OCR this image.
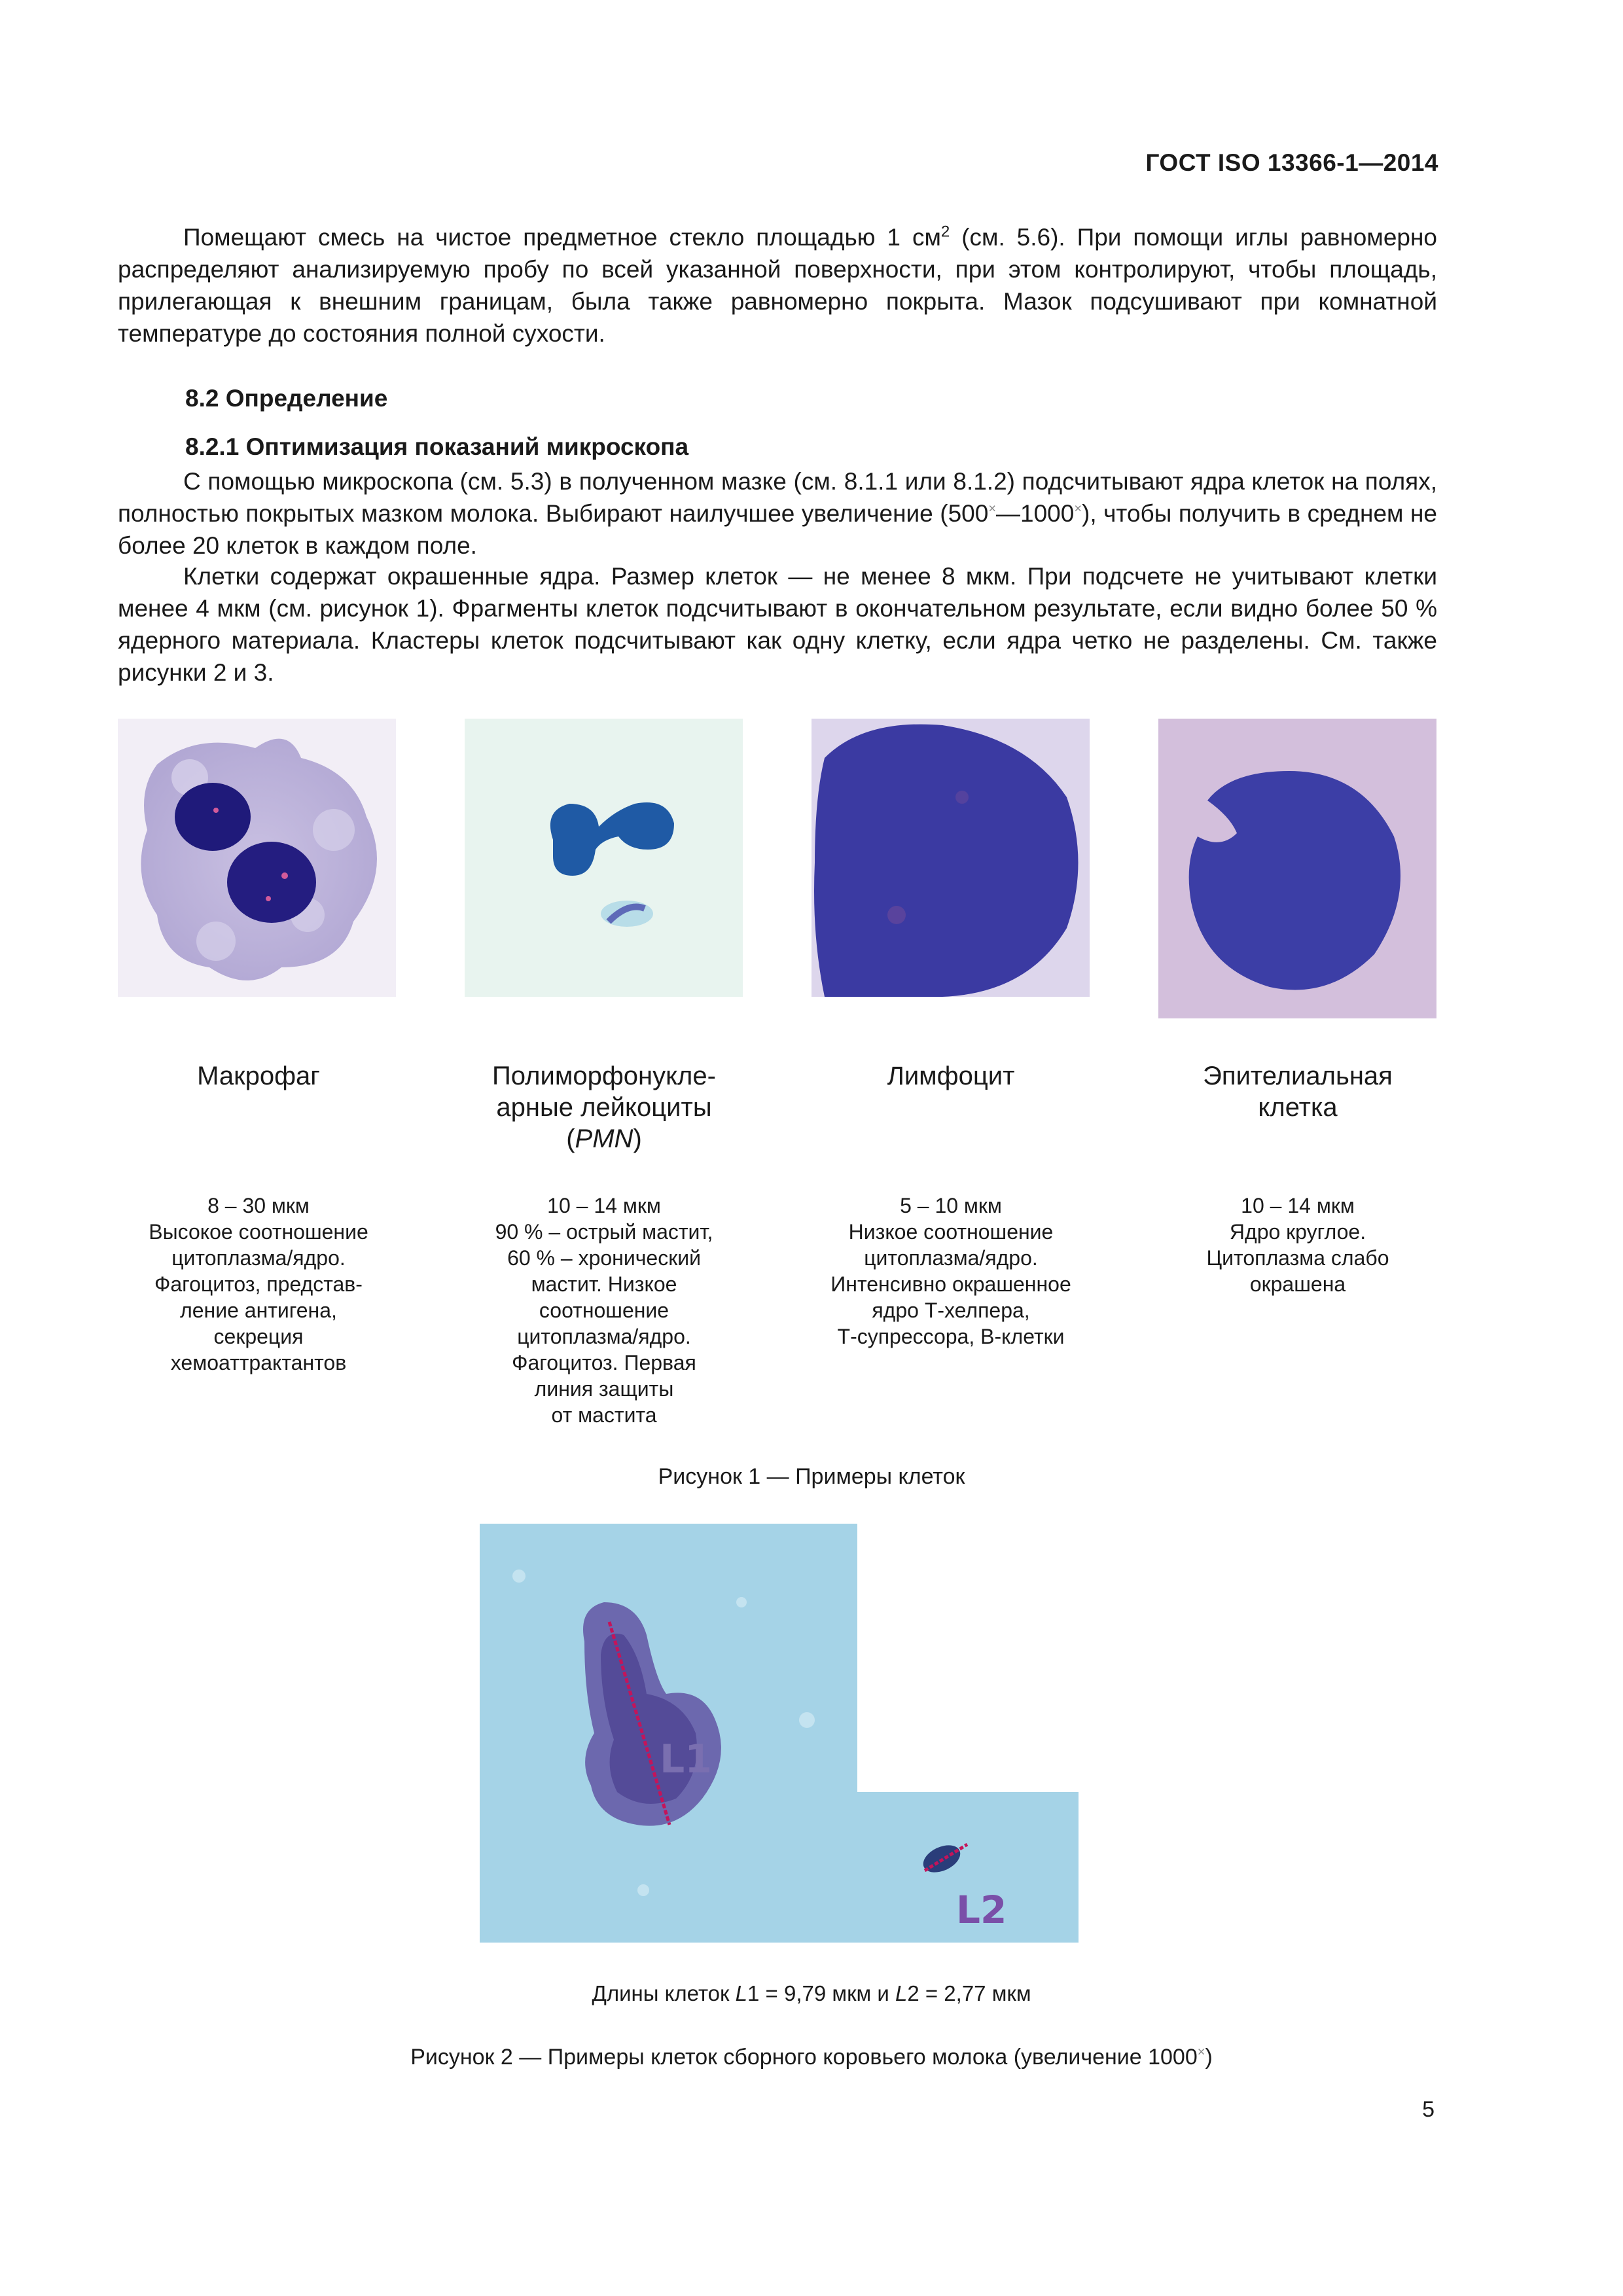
ГОСТ ISO 13366-1—2014

Помещают смесь на чистое предметное стекло площадью 1 $см^2$ (см. 5.6). При помощи иглы равномерно распределяют анализируемую пробу по всей указанной поверхности, при этом контролируют, чтобы площадь, прилегающая к внешним границам, была также равномерно покрыта. Мазок подсушивают при комнатной температуре до состояния полной сухости.

8.2 Определение
8.2.1 Оптимизация показаний микроскопа

С помощью микроскопа (см. 5.3) в полученном мазке (см. 8.1.1 или 8.1.2) подсчитывают ядра клеток на полях, полностью покрытых мазком молока. Выбирают наилучшее увеличение (500×—1000×), чтобы получить в среднем не более 20 клеток в каждом поле.

Клетки содержат окрашенные ядра. Размер клеток — не менее 8 мкм. При подсчете не учитывают клетки менее 4 мкм (см. рисунок 1). Фрагменты клеток подсчитывают в окончательном результате, если видно более 50 % ядерного материала. Кластеры клеток подсчитывают как одну клетку, если ядра четко не разделены. См. также рисунки 2 и 3.

Макрофаг	Полиморфонукле-
арные лейкоциты
(PMN)
Лимфоцит	Эпителиальная
клетка
8 – 30 мкм
Высокое соотношение
цитоплазма/ядро.
Фагоцитоз, представ-
ление антигена,
секреция
хемоаттрактантов
10 – 14 мкм
90 % – острый мастит,
60 % – хронический
мастит. Низкое
соотношение
цитоплазма/ядро.
Фагоцитоз. Первая
линия защиты
от мастита
5 – 10 мкм
Низкое соотношение
цитоплазма/ядро.
Интенсивно окрашенное
ядро Т-хелпера,
Т-супрессора, В-клетки
10 – 14 мкм
Ядро круглое.
Цитоплазма слабо
окрашена
Рисунок 1 — Примеры клеток
L1
L2
Длины клеток L1 = 9,79 мкм и L2 = 2,77 мкм
Рисунок 2 — Примеры клеток сборного коровьего молока (увеличение 1000×)
5
